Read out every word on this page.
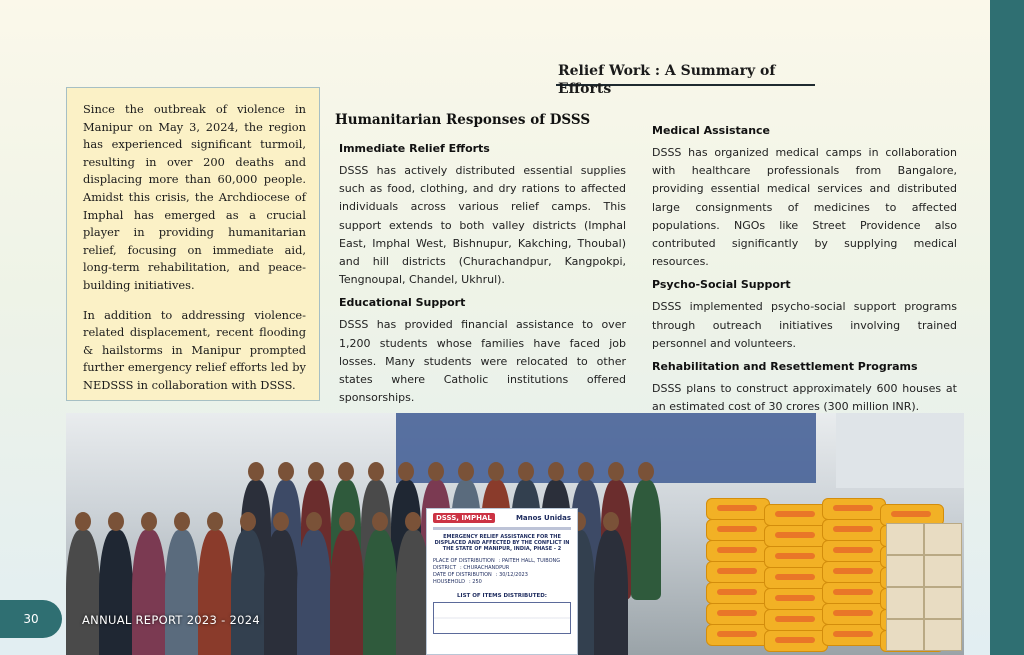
Relief Work : A Summary of Efforts

Since the outbreak of violence in Manipur on May 3, 2024, the region has experienced significant turmoil, resulting in over 200 deaths and displacing more than 60,000 people. Amidst this crisis, the Archdiocese of Imphal has emerged as a crucial player in providing humanitarian relief, focusing on immediate aid, long-term rehabilitation, and peace-building initiatives.

In addition to addressing violence-related displacement, recent flooding & hailstorms in Manipur prompted further emergency relief efforts led by NEDSSS in collaboration with DSSS.

Humanitarian Responses of DSSS
Immediate Relief Efforts
DSSS has actively distributed essential supplies such as food, clothing, and dry rations to affected individuals across various relief camps. This support extends to both valley districts (Imphal East, Imphal West, Bishnupur, Kakching, Thoubal) and hill districts (Churachandpur, Kangpokpi, Tengnoupal, Chandel, Ukhrul).
Educational Support
DSSS has provided financial assistance to over 1,200 students whose families have faced job losses. Many students were relocated to other states where Catholic institutions offered sponsorships.
Medical Assistance
DSSS has organized medical camps in collaboration with healthcare professionals from Bangalore, providing essential medical services and distributed large consignments of medicines to affected populations. NGOs like Street Providence also contributed significantly by supplying medical resources.
Psycho-Social Support
DSSS implemented psycho-social support programs through outreach initiatives involving trained personnel and volunteers.
Rehabilitation and Resettlement Programs
DSSS plans to construct approximately 600 houses at an estimated cost of 30 crores (300 million INR).
DSSS, IMPHAL	Manos Unidas
EMERGENCY RELIEF ASSISTANCE FOR THE DISPLACED AND AFFECTED BY THE CONFLICT IN THE STATE OF MANIPUR, INDIA, PHASE - 2
PLACE OF DISTRIBUTION : PAITEH HALL, TUIBONG
DISTRICT : CHURACHANDPUR
DATE OF DISTRIBUTION : 30/12/2023
HOUSEHOLD : 250
LIST OF ITEMS DISTRIBUTED:
30	ANNUAL REPORT 2023 - 2024
